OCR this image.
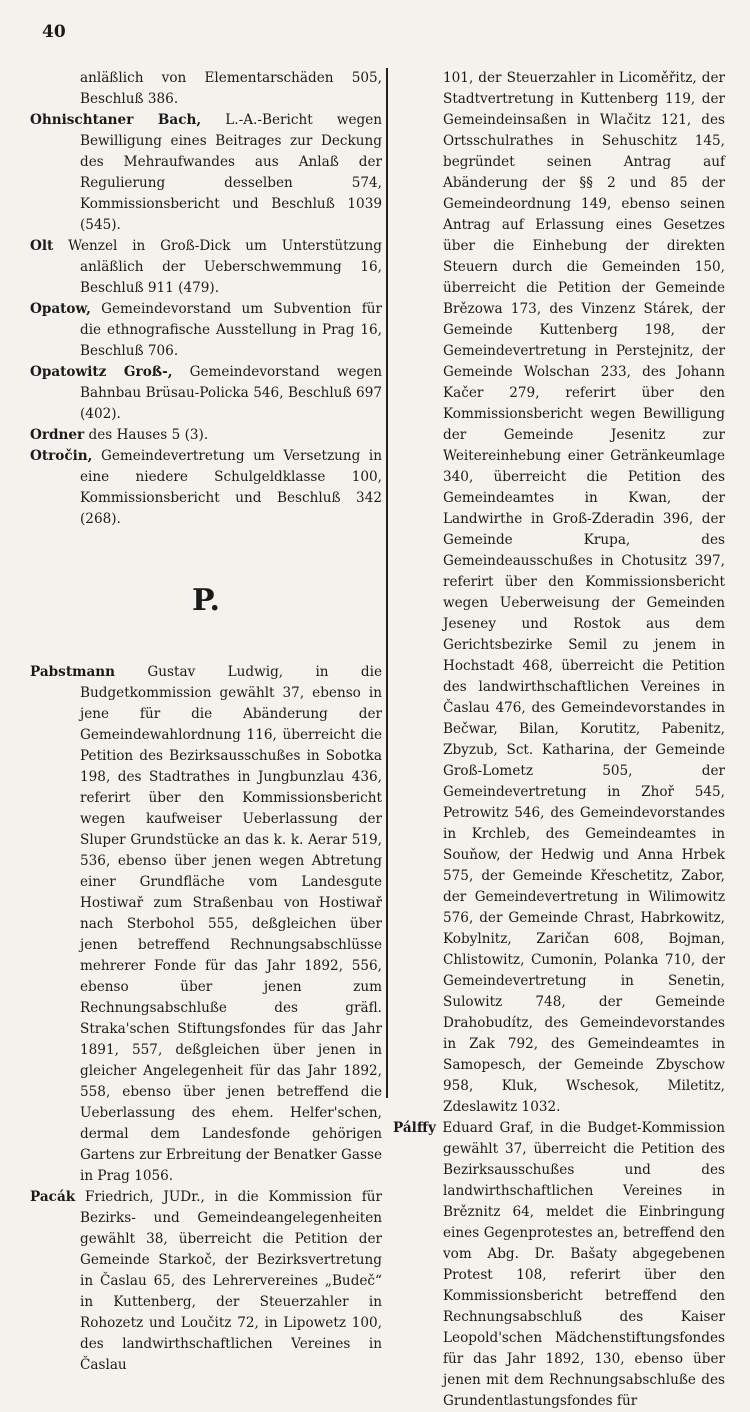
40

anläßlich von Elementarschäden 505, Beschluß 386.

Ohnischtaner Bach, L.-A.-Bericht wegen Bewilligung eines Beitrages zur Deckung des Mehraufwandes aus Anlaß der Regulierung desselben 574, Kommissionsbericht und Beschluß 1039 (545).

Olt Wenzel in Groß-Dick um Unterstützung anläßlich der Ueberschwemmung 16, Beschluß 911 (479).

Opatow, Gemeindevorstand um Subvention für die ethnografische Ausstellung in Prag 16, Beschluß 706.

Opatowitz Groß-, Gemeindevorstand wegen Bahnbau Brüsau-Policka 546, Beschluß 697 (402).

Ordner des Hauses 5 (3).

Otročin, Gemeindevertretung um Versetzung in eine niedere Schulgeldklasse 100, Kommissionsbericht und Beschluß 342 (268).

P.

Pabstmann Gustav Ludwig, in die Budgetkommission gewählt 37, ebenso in jene für die Abänderung der Gemeindewahlordnung 116, überreicht die Petition des Bezirksausschußes in Sobotka 198, des Stadtrathes in Jungbunzlau 436, referirt über den Kommissionsbericht wegen kaufweiser Ueberlassung der Sluper Grundstücke an das k. k. Aerar 519, 536, ebenso über jenen wegen Abtretung einer Grundfläche vom Landesgute Hostiwař zum Straßenbau von Hostiwař nach Sterbohol 555, deßgleichen über jenen betreffend Rechnungsabschlüsse mehrerer Fonde für das Jahr 1892, 556, ebenso über jenen zum Rechnungsabschluße des gräfl. Straka'schen Stiftungsfondes für das Jahr 1891, 557, deßgleichen über jenen in gleicher Angelegenheit für das Jahr 1892, 558, ebenso über jenen betreffend die Ueberlassung des ehem. Helfer'schen, dermal dem Landesfonde gehörigen Gartens zur Erbreitung der Benatker Gasse in Prag 1056.

Pacák Friedrich, JUDr., in die Kommission für Bezirks- und Gemeindeangelegenheiten gewählt 38, überreicht die Petition der Gemeinde Starkoč, der Bezirksvertretung in Časlau 65, des Lehrervereines „Budeč“ in Kuttenberg, der Steuerzahler in Rohozetz und Loučitz 72, in Lipowetz 100, des landwirthschaftlichen Vereines in Časlau

101, der Steuerzahler in Licoměřitz, der Stadtvertretung in Kuttenberg 119, der Gemeindeinsaßen in Wlačitz 121, des Ortsschulrathes in Sehuschitz 145, begründet seinen Antrag auf Abänderung der §§ 2 und 85 der Gemeindeordnung 149, ebenso seinen Antrag auf Erlassung eines Gesetzes über die Einhebung der direkten Steuern durch die Gemeinden 150, überreicht die Petition der Gemeinde Brězowa 173, des Vinzenz Stárek, der Gemeinde Kuttenberg 198, der Gemeindevertretung in Perstejnitz, der Gemeinde Wolschan 233, des Johann Kačer 279, referirt über den Kommissionsbericht wegen Bewilligung der Gemeinde Jesenitz zur Weitereinhebung einer Getränkeumlage 340, überreicht die Petition des Gemeindeamtes in Kwan, der Landwirthe in Groß-Zderadin 396, der Gemeinde Krupa, des Gemeindeausschußes in Chotusitz 397, referirt über den Kommissionsbericht wegen Ueberweisung der Gemeinden Jeseney und Rostok aus dem Gerichtsbezirke Semil zu jenem in Hochstadt 468, überreicht die Petition des landwirthschaftlichen Vereines in Časlau 476, des Gemeindevorstandes in Bečwar, Bilan, Korutitz, Pabenitz, Zbyzub, Sct. Katharina, der Gemeinde Groß-Lometz 505, der Gemeindevertretung in Zhoř 545, Petrowitz 546, des Gemeindevorstandes in Krchleb, des Gemeindeamtes in Souňow, der Hedwig und Anna Hrbek 575, der Gemeinde Křeschetitz, Zabor, der Gemeindevertretung in Wilimowitz 576, der Gemeinde Chrast, Habrkowitz, Kobylnitz, Zaričan 608, Bojman, Chlistowitz, Cumonin, Polanka 710, der Gemeindevertretung in Senetin, Sulowitz 748, der Gemeinde Drahobudítz, des Gemeindevorstandes in Zak 792, des Gemeindeamtes in Samopesch, der Gemeinde Zbyschow 958, Kluk, Wschesok, Miletitz, Zdeslawitz 1032.

Pálffy Eduard Graf, in die Budget-Kommission gewählt 37, überreicht die Petition des Bezirksausschußes und des landwirthschaftlichen Vereines in Brěznitz 64, meldet die Einbringung eines Gegenprotestes an, betreffend den vom Abg. Dr. Bašaty abgegebenen Protest 108, referirt über den Kommissionsbericht betreffend den Rechnungsabschluß des Kaiser Leopold'schen Mädchenstiftungsfondes für das Jahr 1892, 130, ebenso über jenen mit dem Rechnungsabschluße des Grundentlastungsfondes für
